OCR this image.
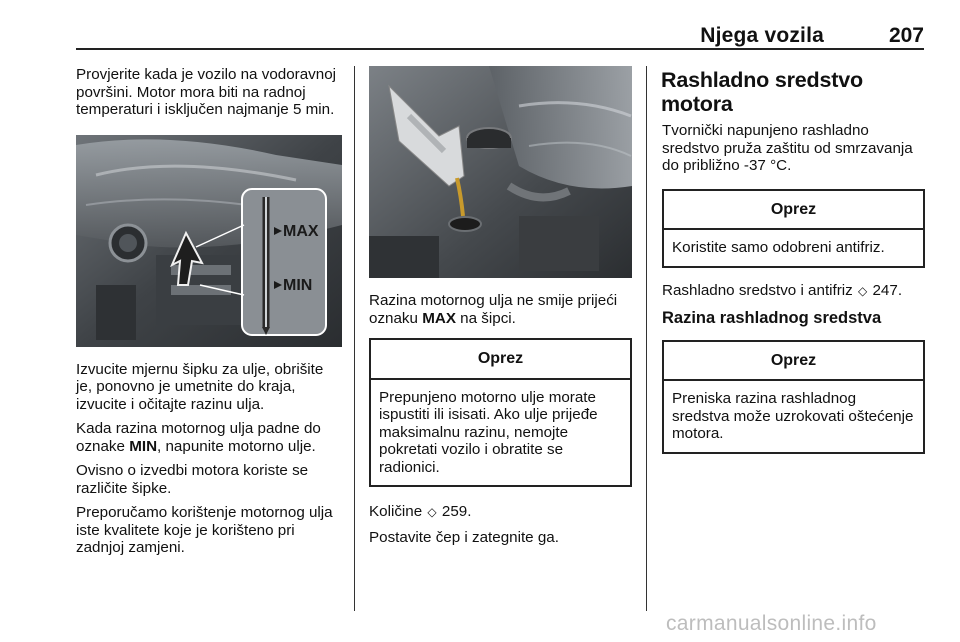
Njega vozila	207

Provjerite kada je vozilo na vodoravnoj površini. Motor mora biti na radnoj temperaturi i isključen najmanje 5 min.

MAX
MIN

Izvucite mjernu šipku za ulje, obrišite je, ponovno je umetnite do kraja, izvucite i očitajte razinu ulja.

Kada razina motornog ulja padne do oznake MIN, napunite motorno ulje.

Ovisno o izvedbi motora koriste se različite šipke.

Preporučamo korištenje motornog ulja iste kvalitete koje je korišteno pri zadnjoj zamjeni.

Razina motornog ulja ne smije prijeći oznaku MAX na šipci.

Oprez
Prepunjeno motorno ulje morate ispustiti ili isisati. Ako ulje prijeđe maksimalnu razinu, nemojte pokretati vozilo i obratite se radionici.

Količine ◇ 259.

Postavite čep i zategnite ga.

Rashladno sredstvo motora

Tvornički napunjeno rashladno sredstvo pruža zaštitu od smrzavanja do približno -37 °C.

Oprez
Koristite samo odobreni antifriz.

Rashladno sredstvo i antifriz ◇ 247.

Razina rashladnog sredstva
Oprez
Preniska razina rashladnog sredstva može uzrokovati oštećenje motora.
carmanualsonline.info
